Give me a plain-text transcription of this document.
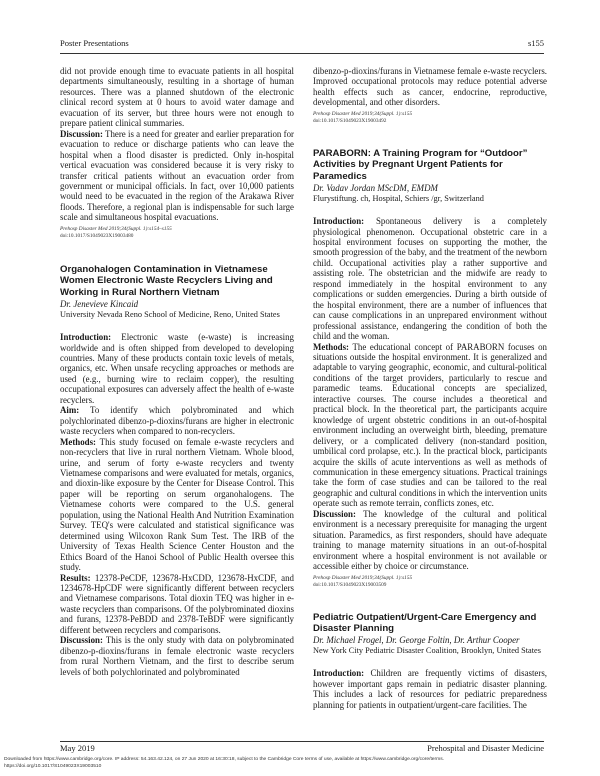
Poster Presentations	s155

did not provide enough time to evacuate patients in all hospital departments simultaneously, resulting in a shortage of human resources. There was a planned shutdown of the electronic clinical record system at 0 hours to avoid water damage and evacuation of its server, but three hours were not enough to prepare patient clinical summaries.

Discussion: There is a need for greater and earlier preparation for evacuation to reduce or discharge patients who can leave the hospital when a flood disaster is predicted. Only in-hospital vertical evacuation was considered because it is very risky to transfer critical patients without an evacuation order from government or municipal officials. In fact, over 10,000 patients would need to be evacuated in the region of the Arakawa River floods. Therefore, a regional plan is indispensable for such large scale and simultaneous hospital evacuations.

Prehosp Disaster Med 2019;34(Suppl. 1):s154–s155
doi:10.1017/S1049023X19003480
Organohalogen Contamination in Vietnamese Women Electronic Waste Recyclers Living and Working in Rural Northern Vietnam
Dr. Jenevieve Kincaid
University Nevada Reno School of Medicine, Reno, United States

Introduction: Electronic waste (e-waste) is increasing worldwide and is often shipped from developed to developing countries. Many of these products contain toxic levels of metals, organics, etc. When unsafe recycling approaches or methods are used (e.g., burning wire to reclaim copper), the resulting occupational exposures can adversely affect the health of e-waste recyclers.

Aim: To identify which polybrominated and which polychlorinated dibenzo-p-dioxins/furans are higher in electronic waste recyclers when compared to non-recyclers.

Methods: This study focused on female e-waste recyclers and non-recyclers that live in rural northern Vietnam. Whole blood, urine, and serum of forty e-waste recyclers and twenty Vietnamese comparisons and were evaluated for metals, organics, and dioxin-like exposure by the Center for Disease Control. This paper will be reporting on serum organohalogens. The Vietnamese cohorts were compared to the U.S. general population, using the National Health And Nutrition Examination Survey. TEQ's were calculated and statistical significance was determined using Wilcoxon Rank Sum Test. The IRB of the University of Texas Health Science Center Houston and the Ethics Board of the Hanoi School of Public Health oversee this study.

Results: 12378-PeCDF, 123678-HxCDD, 123678-HxCDF, and 1234678-HpCDF were significantly different between recyclers and Vietnamese comparisons. Total dioxin TEQ was higher in e-waste recyclers than comparisons. Of the polybrominated dioxins and furans, 12378-PeBDD and 2378-TeBDF were significantly different between recyclers and comparisons.

Discussion: This is the only study with data on polybrominated dibenzo-p-dioxins/furans in female electronic waste recyclers from rural Northern Vietnam, and the first to describe serum levels of both polychlorinated and polybrominated

dibenzo-p-dioxins/furans in Vietnamese female e-waste recyclers. Improved occupational protocols may reduce potential adverse health effects such as cancer, endocrine, reproductive, developmental, and other disorders.

Prehosp Disaster Med 2019;34(Suppl. 1):s155
doi:10.1017/S1049023X19003492
PARABORN: A Training Program for “Outdoor” Activities by Pregnant Urgent Patients for Paramedics
Dr. Vadav Jordan MScDM, EMDM
Flurystiftung. ch, Hospital, Schiers /gr, Switzerland

Introduction: Spontaneous delivery is a completely physiological phenomenon. Occupational obstetric care in a hospital environment focuses on supporting the mother, the smooth progression of the baby, and the treatment of the newborn child. Occupational activities play a rather supportive and assisting role. The obstetrician and the midwife are ready to respond immediately in the hospital environment to any complications or sudden emergencies. During a birth outside of the hospital environment, there are a number of influences that can cause complications in an unprepared environment without professional assistance, endangering the condition of both the child and the woman.

Methods: The educational concept of PARABORN focuses on situations outside the hospital environment. It is generalized and adaptable to varying geographic, economic, and cultural-political conditions of the target providers, particularly to rescue and paramedic teams. Educational concepts are specialized, interactive courses. The course includes a theoretical and practical block. In the theoretical part, the participants acquire knowledge of urgent obstetric conditions in an out-of-hospital environment including an overweight birth, bleeding, premature delivery, or a complicated delivery (non-standard position, umbilical cord prolapse, etc.). In the practical block, participants acquire the skills of acute interventions as well as methods of communication in these emergency situations. Practical trainings take the form of case studies and can be tailored to the real geographic and cultural conditions in which the intervention units operate such as remote terrain, conflicts zones, etc.

Discussion: The knowledge of the cultural and political environment is a necessary prerequisite for managing the urgent situation. Paramedics, as first responders, should have adequate training to manage maternity situations in an out-of-hospital environment where a hospital environment is not available or accessible either by choice or circumstance.

Prehosp Disaster Med 2019;34(Suppl. 1):s155
doi:10.1017/S1049023X19003509
Pediatric Outpatient/Urgent-Care Emergency and Disaster Planning
Dr. Michael Frogel, Dr. George Foltin, Dr. Arthur Cooper
New York City Pediatric Disaster Coalition, Brooklyn, United States

Introduction: Children are frequently victims of disasters, however important gaps remain in pediatric disaster planning. This includes a lack of resources for pediatric preparedness planning for patients in outpatient/urgent-care facilities. The

May 2019	Prehospital and Disaster Medicine
Downloaded from https://www.cambridge.org/core. IP address: 54.163.42.124, on 27 Jun 2020 at 16:30:18, subject to the Cambridge Core terms of use, available at https://www.cambridge.org/core/terms.
https://doi.org/10.1017/S1049023X19003510
